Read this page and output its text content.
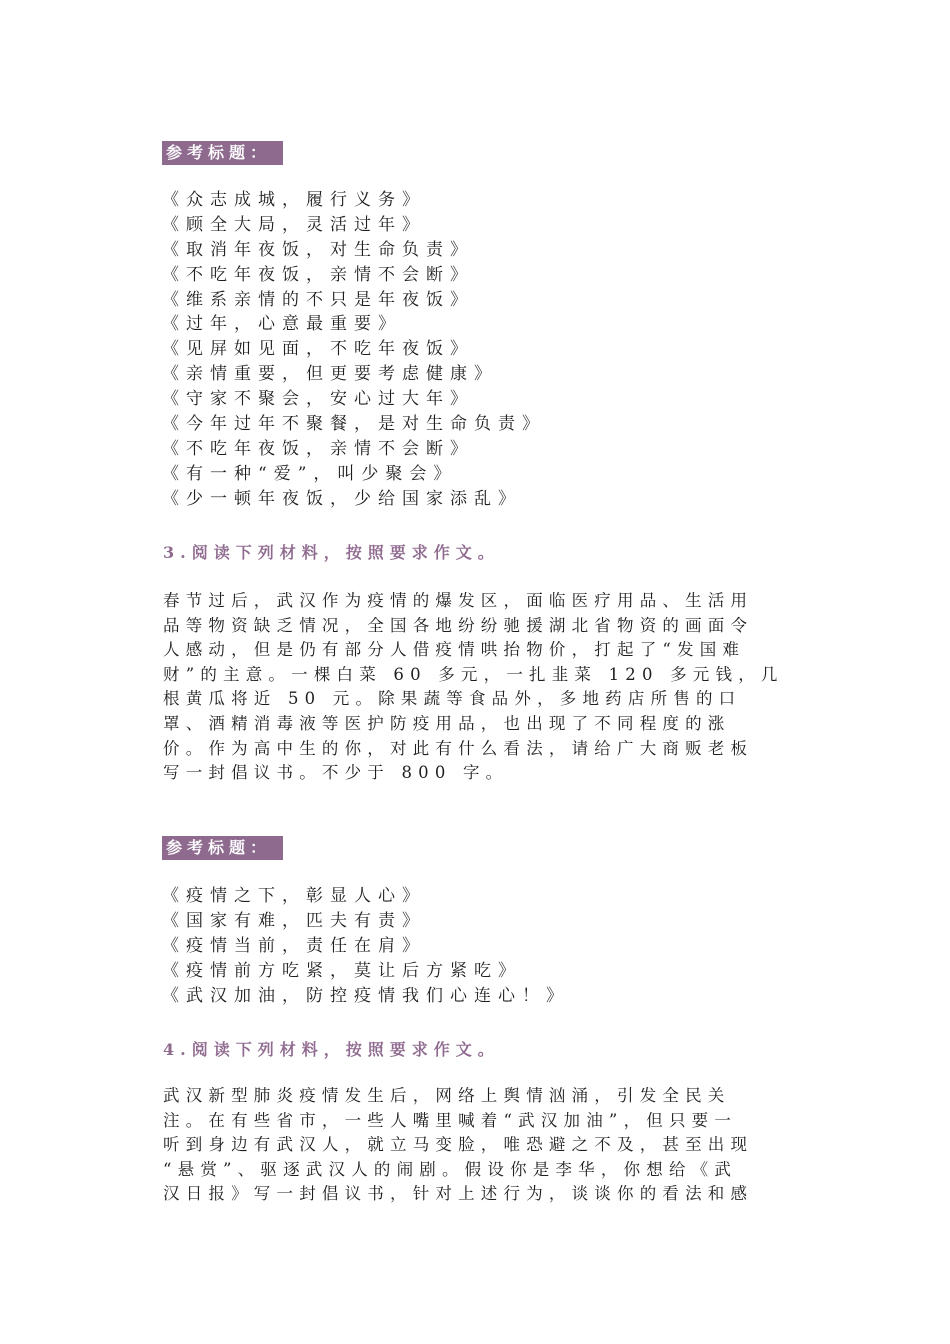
参考标题：
《众志成城，履行义务》
《顾全大局，灵活过年》
《取消年夜饭，对生命负责》
《不吃年夜饭，亲情不会断》
《维系亲情的不只是年夜饭》
《过年，心意最重要》
《见屏如见面，不吃年夜饭》
《亲情重要，但更要考虑健康》
《守家不聚会，安心过大年》
《今年过年不聚餐，是对生命负责》
《不吃年夜饭，亲情不会断》
《有一种“爱”，叫少聚会》
《少一顿年夜饭，少给国家添乱》
3.阅读下列材料，按照要求作文。
春节过后，武汉作为疫情的爆发区，面临医疗用品、生活用
品等物资缺乏情况，全国各地纷纷驰援湖北省物资的画面令
人感动，但是仍有部分人借疫情哄抬物价，打起了“发国难
财”的主意。一棵白菜 60 多元，一扎韭菜 120 多元钱，几
根黄瓜将近 50 元。除果蔬等食品外，多地药店所售的口
罩、酒精消毒液等医护防疫用品，也出现了不同程度的涨
价。作为高中生的你，对此有什么看法，请给广大商贩老板
写一封倡议书。不少于 800 字。
参考标题：
《疫情之下，彰显人心》
《国家有难，匹夫有责》
《疫情当前，责任在肩》
《疫情前方吃紧，莫让后方紧吃》
《武汉加油，防控疫情我们心连心！》
4.阅读下列材料，按照要求作文。
武汉新型肺炎疫情发生后，网络上舆情汹涌，引发全民关
注。在有些省市，一些人嘴里喊着“武汉加油”，但只要一
听到身边有武汉人，就立马变脸，唯恐避之不及，甚至出现
“悬赏”、驱逐武汉人的闹剧。假设你是李华，你想给《武
汉日报》写一封倡议书，针对上述行为，谈谈你的看法和感
